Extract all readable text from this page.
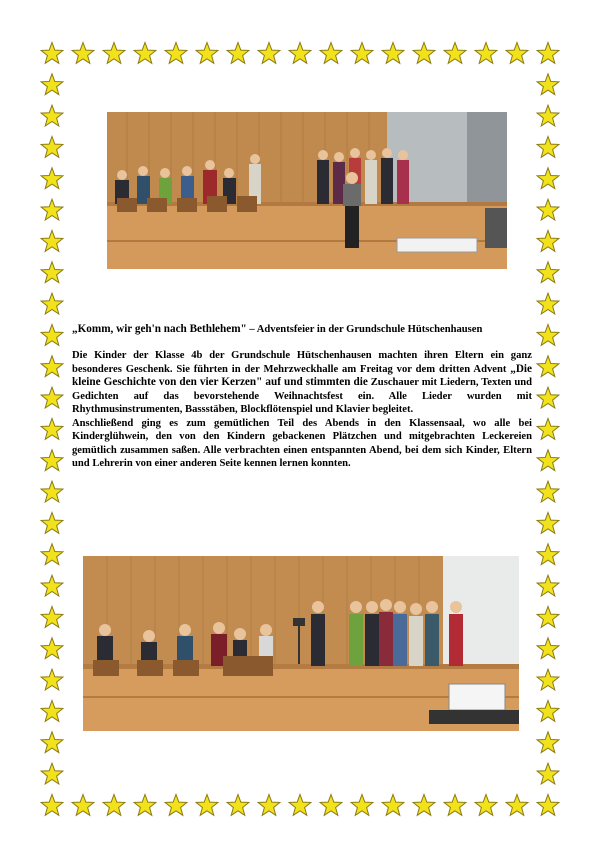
„Komm, wir geh'n nach Bethlehem" – Adventsfeier in der Grundschule Hütschenhausen

Die Kinder der Klasse 4b der Grundschule Hütschenhausen machten ihren Eltern ein ganz besonderes Geschenk. Sie führten in der Mehrzweckhalle am Freitag vor dem dritten Advent „Die kleine Geschichte von den vier Kerzen" auf und stimmten die Zuschauer mit Liedern, Texten und Gedichten auf das bevorstehende Weihnachtsfest ein. Alle Lieder wurden mit Rhythmusinstrumenten, Bassstäben, Blockflötenspiel und Klavier begleitet.

Anschließend ging es zum gemütlichen Teil des Abends in den Klassensaal, wo alle bei Kinderglühwein, den von den Kindern gebackenen Plätzchen und mitgebrachten Leckereien gemütlich zusammen saßen. Alle verbrachten einen entspannten Abend, bei dem sich Kinder, Eltern und Lehrerin von einer anderen Seite kennen lernen konnten.
